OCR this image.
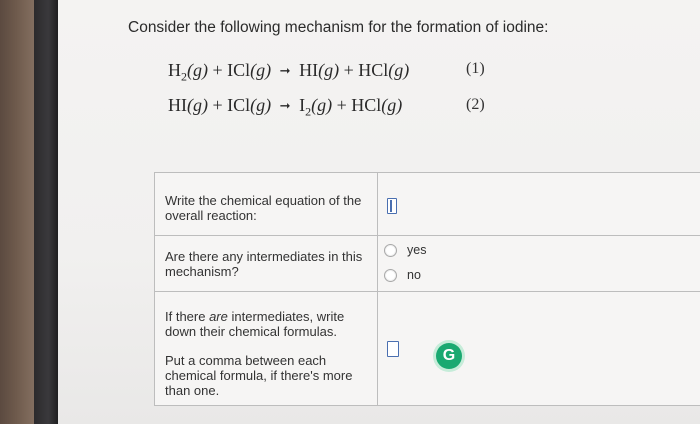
Consider the following mechanism for the formation of iodine:
$H_2(g) + ICl(g)$ ➞ HI(g) + HCl(g)	(1)
HI(g) + ICl(g) ➞ $I_2(g) + HCl(g)$	(2)
Write the chemical equation of the overall reaction:
Are there any intermediates in this mechanism?
yes
no
If there are intermediates, write down their chemical formulas.
Put a comma between each chemical formula, if there's more than one.
G
